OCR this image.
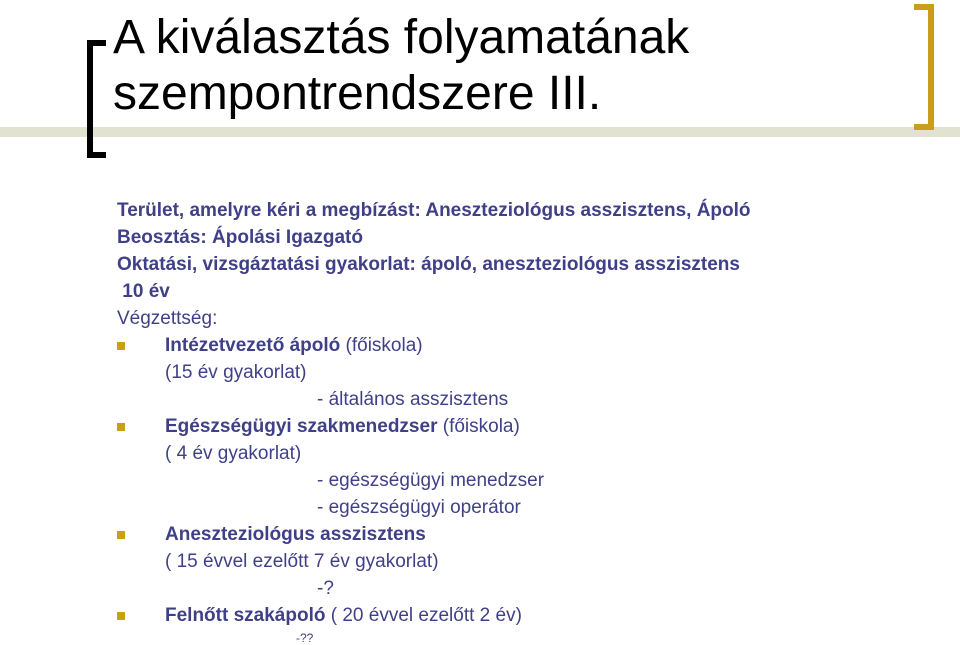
A kiválasztás folyamatának
szempontrendszere III.
Terület, amelyre kéri a megbízást: Aneszteziológus asszisztens, Ápoló
Beosztás: Ápolási Igazgató
Oktatási, vizsgáztatási gyakorlat: ápoló, aneszteziológus asszisztens
10 év
Végzettség:
Intézetvezető ápoló (főiskola)
(15 év gyakorlat)
- általános asszisztens
Egészségügyi szakmenedzser (főiskola)
( 4 év gyakorlat)
- egészségügyi menedzser
- egészségügyi operátor
Aneszteziológus asszisztens
( 15 évvel ezelőtt 7 év gyakorlat)
-?
Felnőtt szakápoló ( 20 évvel ezelőtt 2 év)
-??
